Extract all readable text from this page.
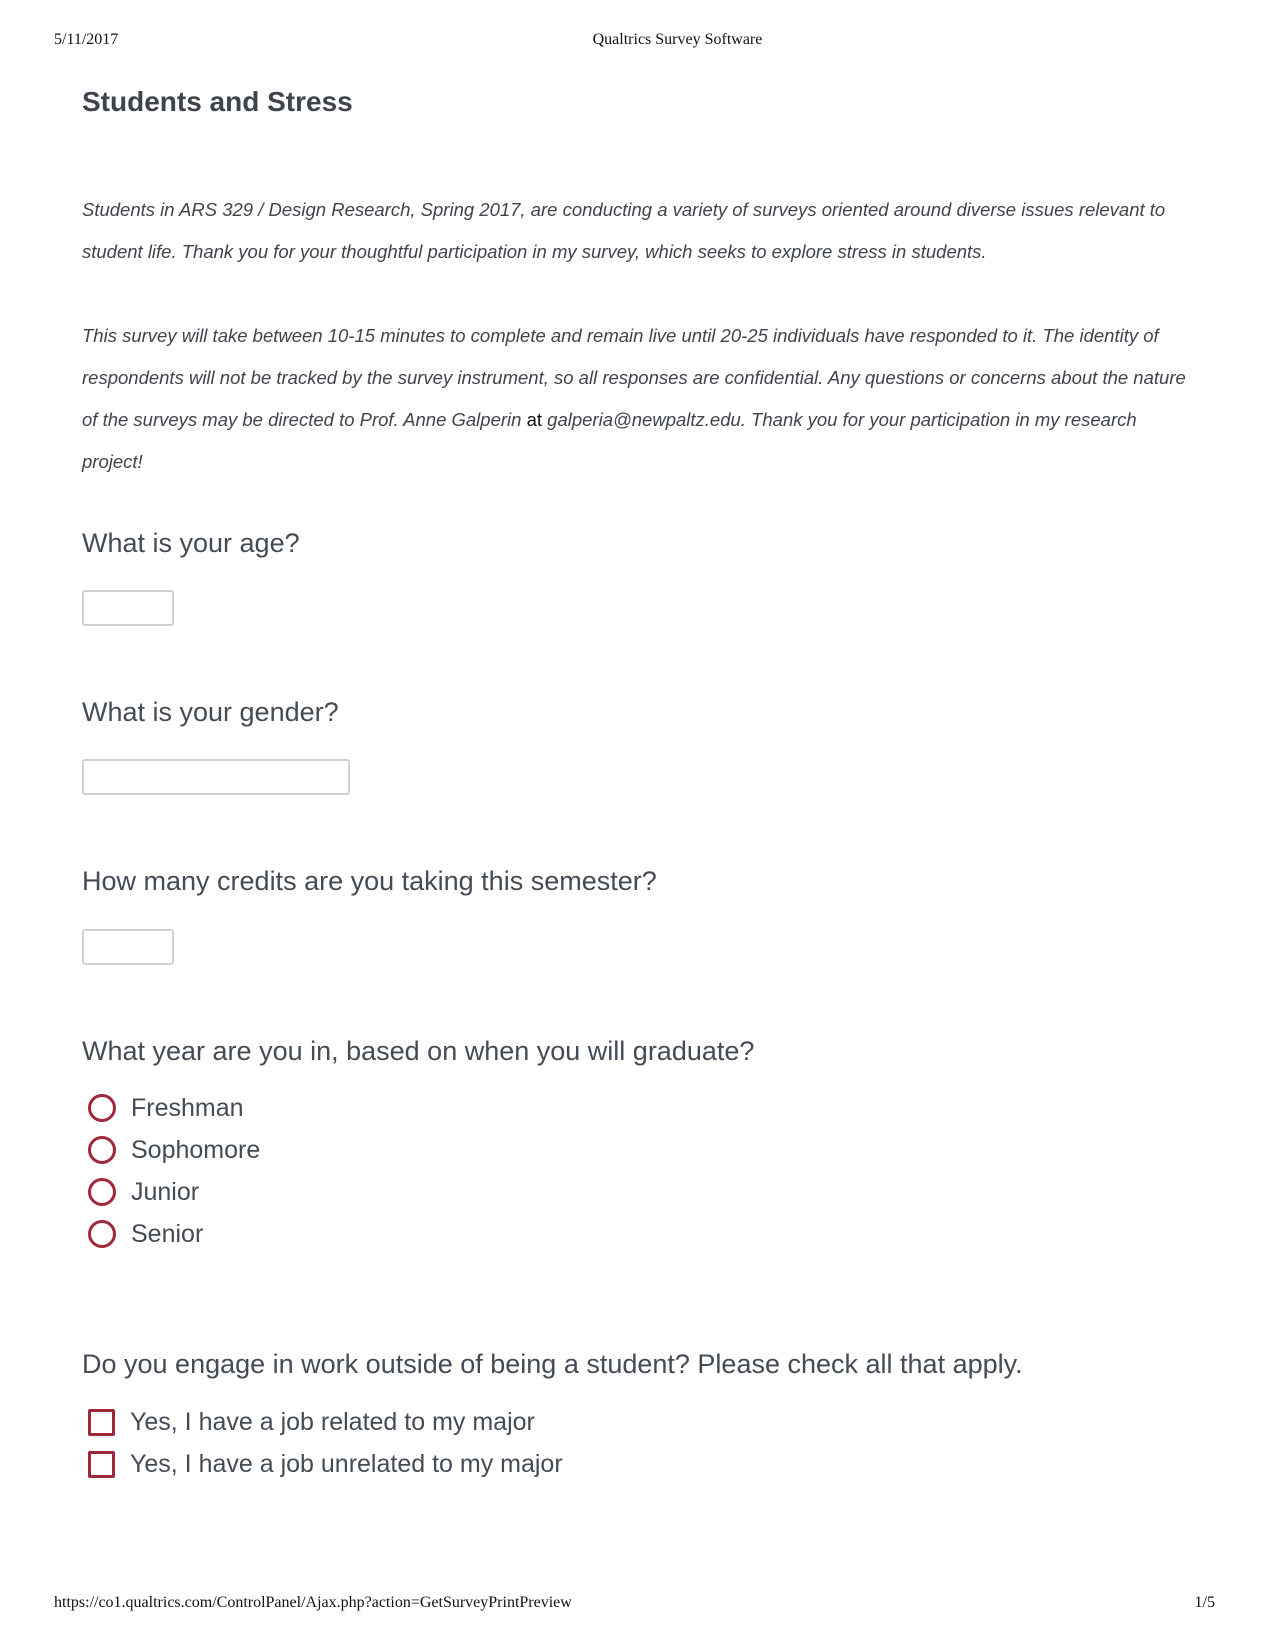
5/11/2017	Qualtrics Survey Software
Students and Stress

Students in ARS 329 / Design Research, Spring 2017, are conducting a variety of surveys oriented around diverse issues relevant to student life. Thank you for your thoughtful participation in my survey, which seeks to explore stress in students.

This survey will take between 10-15 minutes to complete and remain live until 20-25 individuals have responded to it. The identity of respondents will not be tracked by the survey instrument, so all responses are confidential. Any questions or concerns about the nature of the surveys may be directed to Prof. Anne Galperin at galperia@newpaltz.edu. Thank you for your participation in my research project!

What is your age?
What is your gender?
How many credits are you taking this semester?
What year are you in, based on when you will graduate?
Freshman
Sophomore
Junior
Senior
Do you engage in work outside of being a student? Please check all that apply.
Yes, I have a job related to my major
Yes, I have a job unrelated to my major
https://co1.qualtrics.com/ControlPanel/Ajax.php?action=GetSurveyPrintPreview	1/5
